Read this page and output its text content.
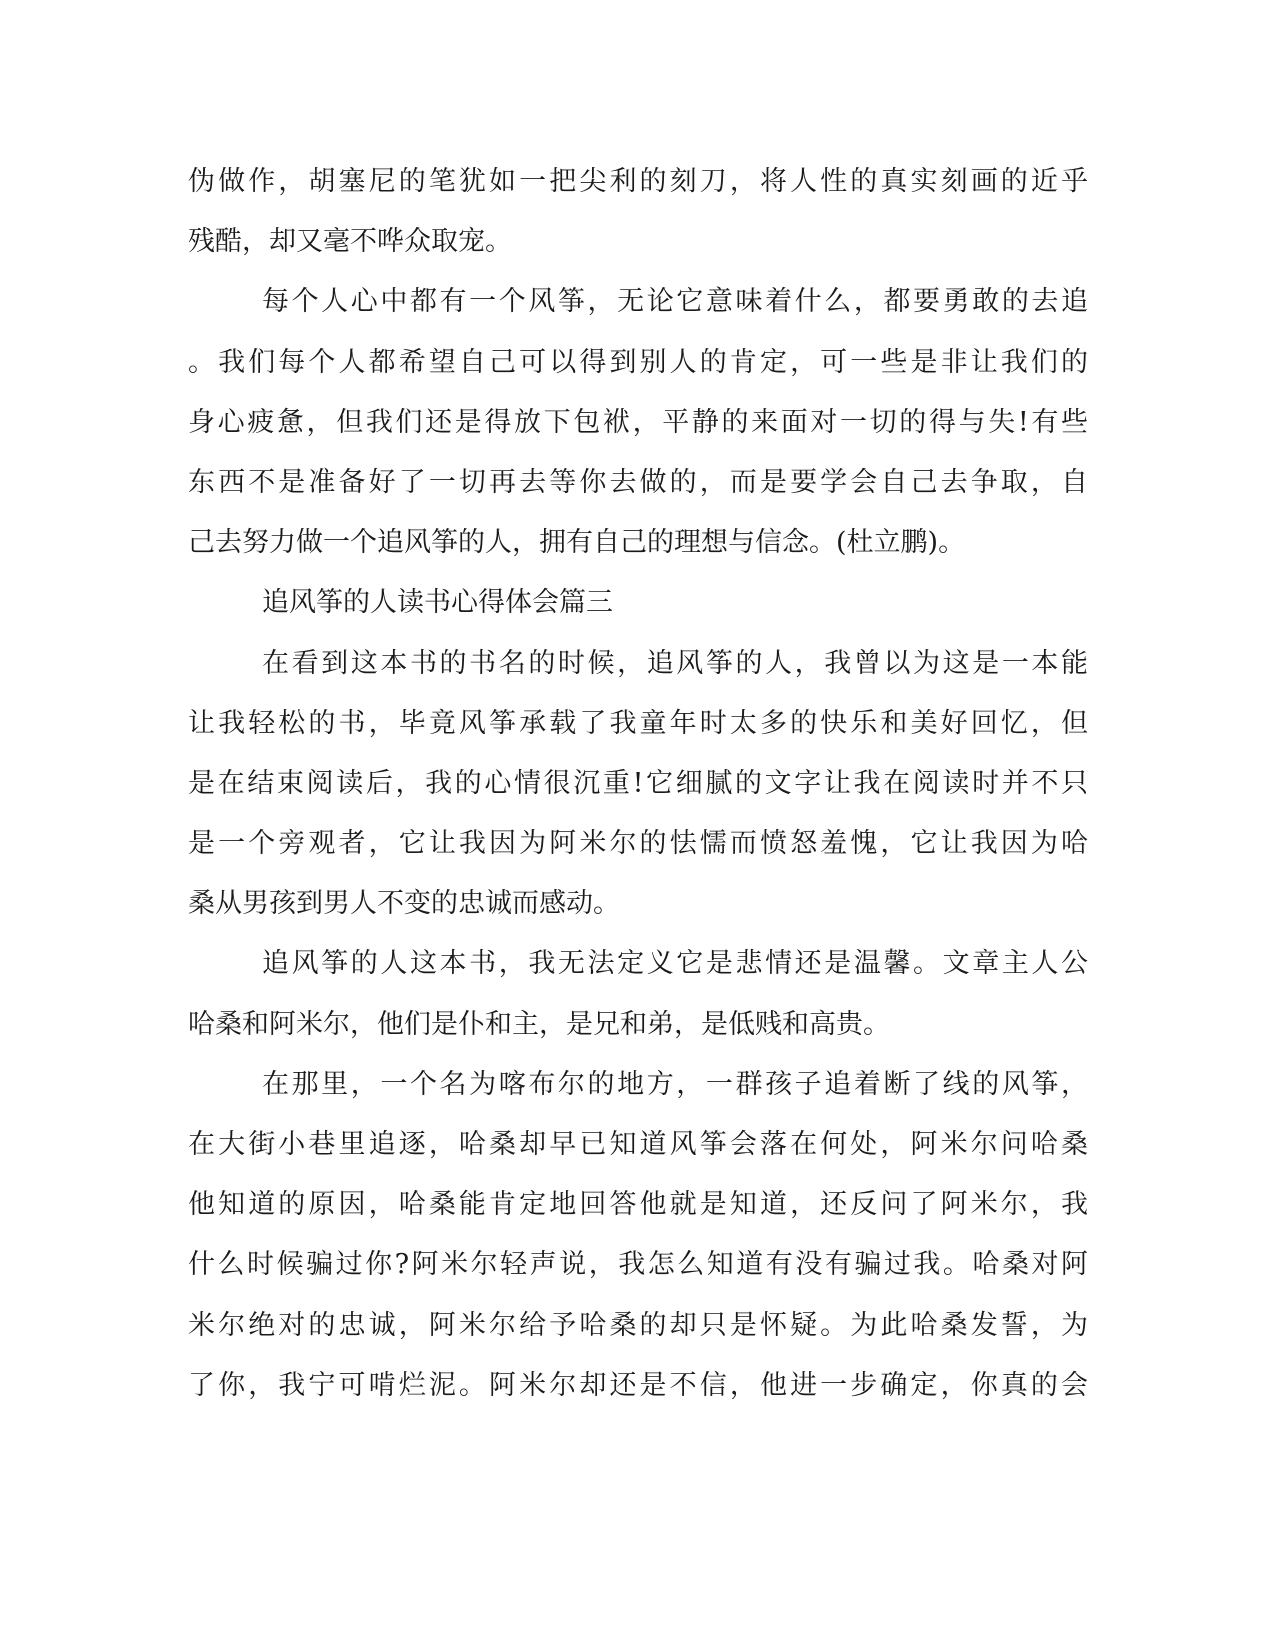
伪做作，胡塞尼的笔犹如一把尖利的刻刀，将人性的真实刻画的近乎
残酷，却又毫不哗众取宠。
每个人心中都有一个风筝，无论它意味着什么，都要勇敢的去追
。我们每个人都希望自己可以得到别人的肯定，可一些是非让我们的
身心疲惫，但我们还是得放下包袱，平静的来面对一切的得与失!有些
东西不是准备好了一切再去等你去做的，而是要学会自己去争取，自
己去努力做一个追风筝的人，拥有自己的理想与信念。(杜立鹏)。
追风筝的人读书心得体会篇三
在看到这本书的书名的时候，追风筝的人，我曾以为这是一本能
让我轻松的书，毕竟风筝承载了我童年时太多的快乐和美好回忆，但
是在结束阅读后，我的心情很沉重!它细腻的文字让我在阅读时并不只
是一个旁观者，它让我因为阿米尔的怯懦而愤怒羞愧，它让我因为哈
桑从男孩到男人不变的忠诚而感动。
追风筝的人这本书，我无法定义它是悲情还是温馨。文章主人公
哈桑和阿米尔，他们是仆和主，是兄和弟，是低贱和高贵。
在那里，一个名为喀布尔的地方，一群孩子追着断了线的风筝，
在大街小巷里追逐，哈桑却早已知道风筝会落在何处，阿米尔问哈桑
他知道的原因，哈桑能肯定地回答他就是知道，还反问了阿米尔，我
什么时候骗过你?阿米尔轻声说，我怎么知道有没有骗过我。哈桑对阿
米尔绝对的忠诚，阿米尔给予哈桑的却只是怀疑。为此哈桑发誓，为
了你，我宁可啃烂泥。阿米尔却还是不信，他进一步确定，你真的会
